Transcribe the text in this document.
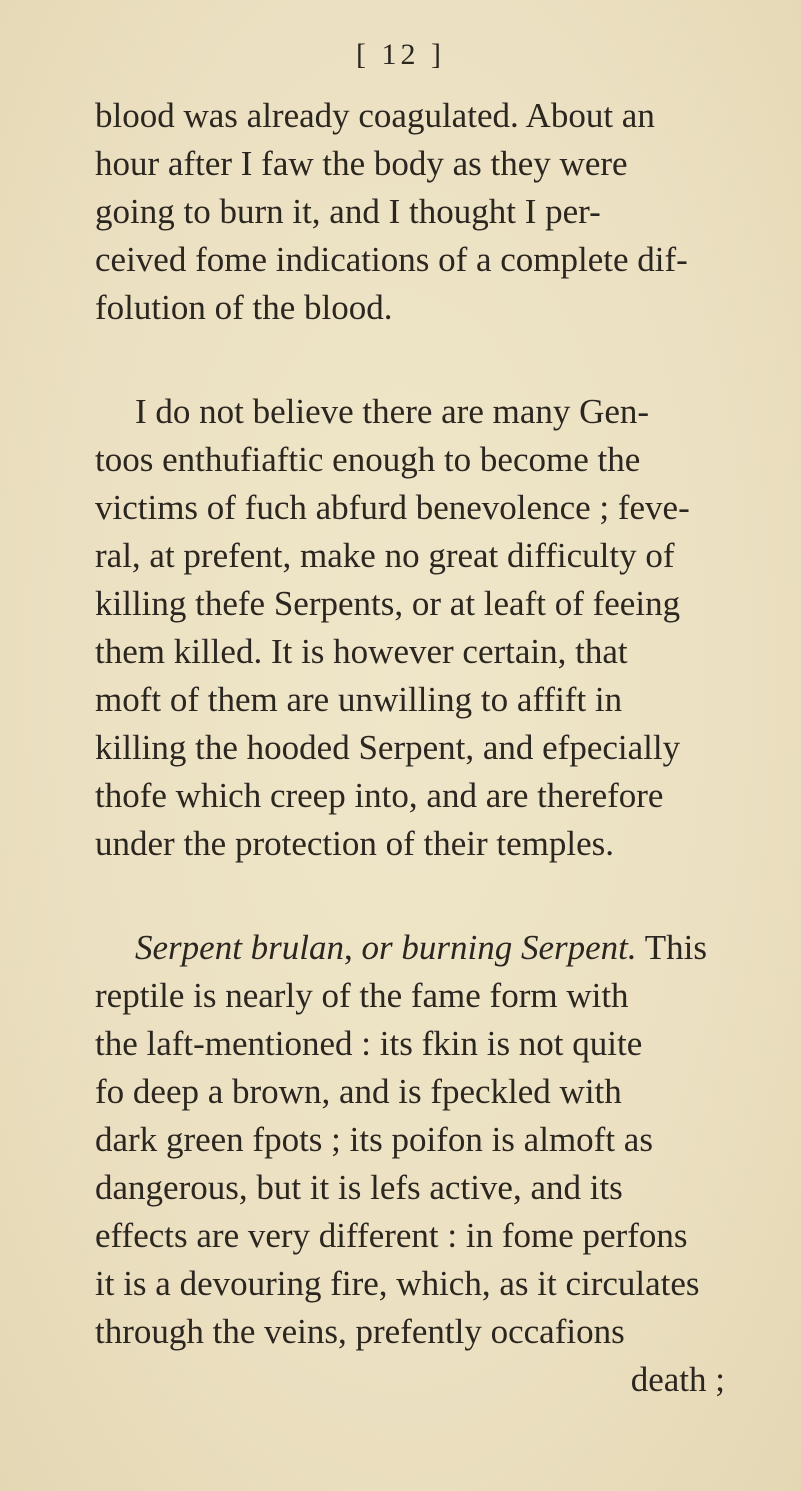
[ 12 ]
blood was already coagulated. About an
hour after I faw the body as they were
going to burn it, and I thought I per-
ceived fome indications of a complete dif-
folution of the blood.
I do not believe there are many Gen-
toos enthufiaftic enough to become the
victims of fuch abfurd benevolence ; feve-
ral, at prefent, make no great difficulty of
killing thefe Serpents, or at leaft of feeing
them killed. It is however certain, that
moft of them are unwilling to affift in
killing the hooded Serpent, and efpecially
thofe which creep into, and are therefore
under the protection of their temples.
Serpent brulan, or burning Serpent. This
reptile is nearly of the fame form with
the laft-mentioned : its fkin is not quite
fo deep a brown, and is fpeckled with
dark green fpots ; its poifon is almoft as
dangerous, but it is lefs active, and its
effects are very different : in fome perfons
it is a devouring fire, which, as it circulates
through the veins, prefently occafions
death ;
